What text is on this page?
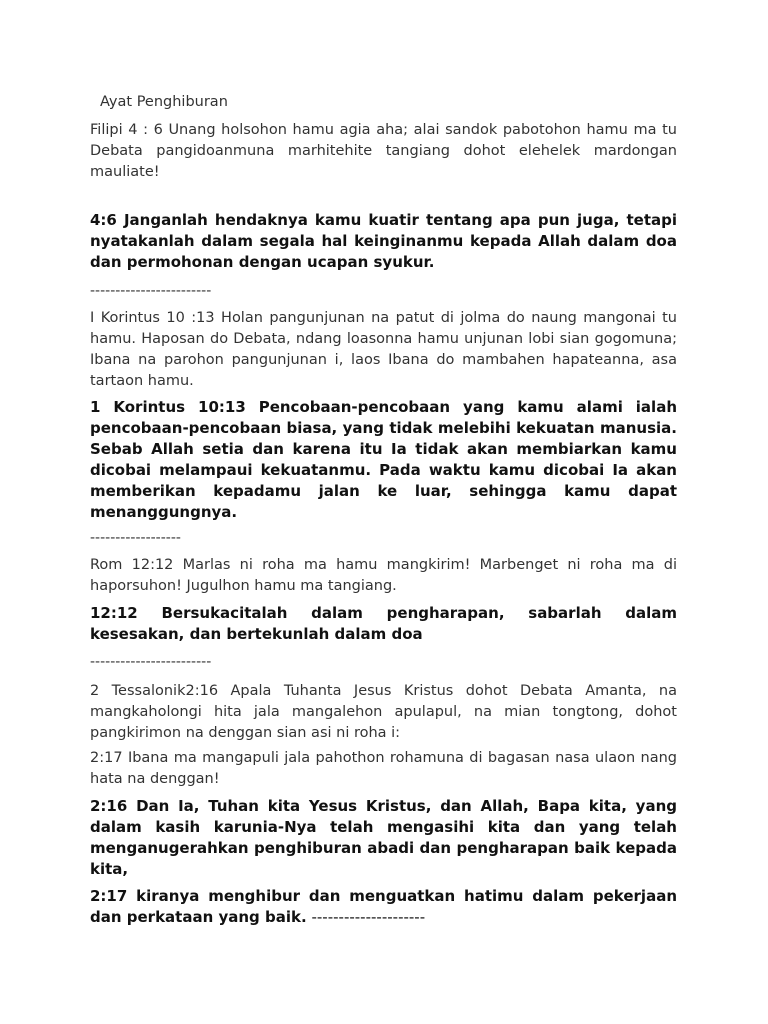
Ayat Penghiburan

Filipi 4 : 6 Unang holsohon hamu agia aha; alai sandok pabotohon hamu ma tu Debata pangidoanmuna marhitehite tangiang dohot elehelek mardongan mauliate!

4:6 Janganlah hendaknya kamu kuatir tentang apa pun juga, tetapi nyatakanlah dalam segala hal keinginanmu kepada Allah dalam doa dan permohonan dengan ucapan syukur.

------------------------

I Korintus 10 :13 Holan pangunjunan na patut di jolma do naung mangonai tu hamu. Haposan do Debata, ndang loasonna hamu unjunan lobi sian gogomuna; Ibana na parohon pangunjunan i, laos Ibana do mambahen hapateanna, asa tartaon hamu.

1 Korintus 10:13 Pencobaan-pencobaan yang kamu alami ialah pencobaan-pencobaan biasa, yang tidak melebihi kekuatan manusia. Sebab Allah setia dan karena itu Ia tidak akan membiarkan kamu dicobai melampaui kekuatanmu. Pada waktu kamu dicobai Ia akan memberikan kepadamu jalan ke luar, sehingga kamu dapat menanggungnya.

------------------

Rom 12:12 Marlas ni roha ma hamu mangkirim! Marbenget ni roha ma di haporsuhon! Jugulhon hamu ma tangiang.

12:12 Bersukacitalah dalam pengharapan, sabarlah dalam kesesakan, dan bertekunlah dalam doa

------------------------

2 Tessalonik2:16 Apala Tuhanta Jesus Kristus dohot Debata Amanta, na mangkaholongi hita jala mangalehon apulapul, na mian tongtong, dohot pangkirimon na denggan sian asi ni roha i:

2:17 Ibana ma mangapuli jala pahothon rohamuna di bagasan nasa ulaon nang hata na denggan!

2:16 Dan Ia, Tuhan kita Yesus Kristus, dan Allah, Bapa kita, yang dalam kasih karunia-Nya telah mengasihi kita dan yang telah menganugerahkan penghiburan abadi dan pengharapan baik kepada kita,

2:17 kiranya menghibur dan menguatkan hatimu dalam pekerjaan dan perkataan yang baik. ---------------------
